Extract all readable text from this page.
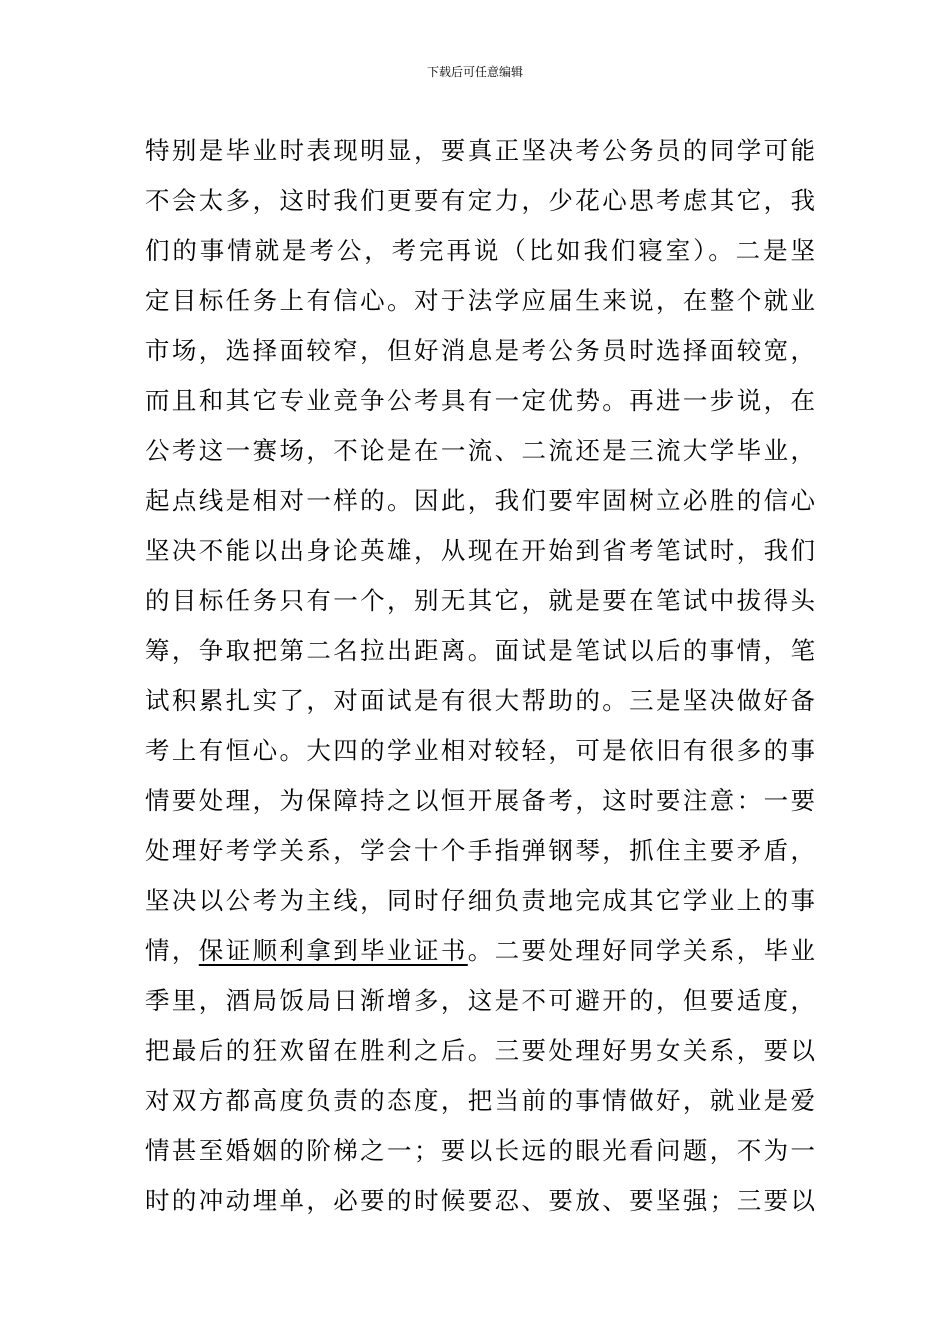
下载后可任意编辑
特别是毕业时表现明显，要真正坚决考公务员的同学可能
不会太多，这时我们更要有定力，少花心思考虑其它，我
们的事情就是考公，考完再说（比如我们寝室）。二是坚
定目标任务上有信心。对于法学应届生来说，在整个就业
市场，选择面较窄，但好消息是考公务员时选择面较宽，
而且和其它专业竞争公考具有一定优势。再进一步说，在
公考这一赛场，不论是在一流、二流还是三流大学毕业，
起点线是相对一样的。因此，我们要牢固树立必胜的信心
坚决不能以出身论英雄，从现在开始到省考笔试时，我们
的目标任务只有一个，别无其它，就是要在笔试中拔得头
筹，争取把第二名拉出距离。面试是笔试以后的事情，笔
试积累扎实了，对面试是有很大帮助的。三是坚决做好备
考上有恒心。大四的学业相对较轻，可是依旧有很多的事
情要处理，为保障持之以恒开展备考，这时要注意：一要
处理好考学关系，学会十个手指弹钢琴，抓住主要矛盾，
坚决以公考为主线，同时仔细负责地完成其它学业上的事
情，保证顺利拿到毕业证书。二要处理好同学关系，毕业
季里，酒局饭局日渐增多，这是不可避开的，但要适度，
把最后的狂欢留在胜利之后。三要处理好男女关系，要以
对双方都高度负责的态度，把当前的事情做好，就业是爱
情甚至婚姻的阶梯之一；要以长远的眼光看问题，不为一
时的冲动埋单，必要的时候要忍、要放、要坚强；三要以
